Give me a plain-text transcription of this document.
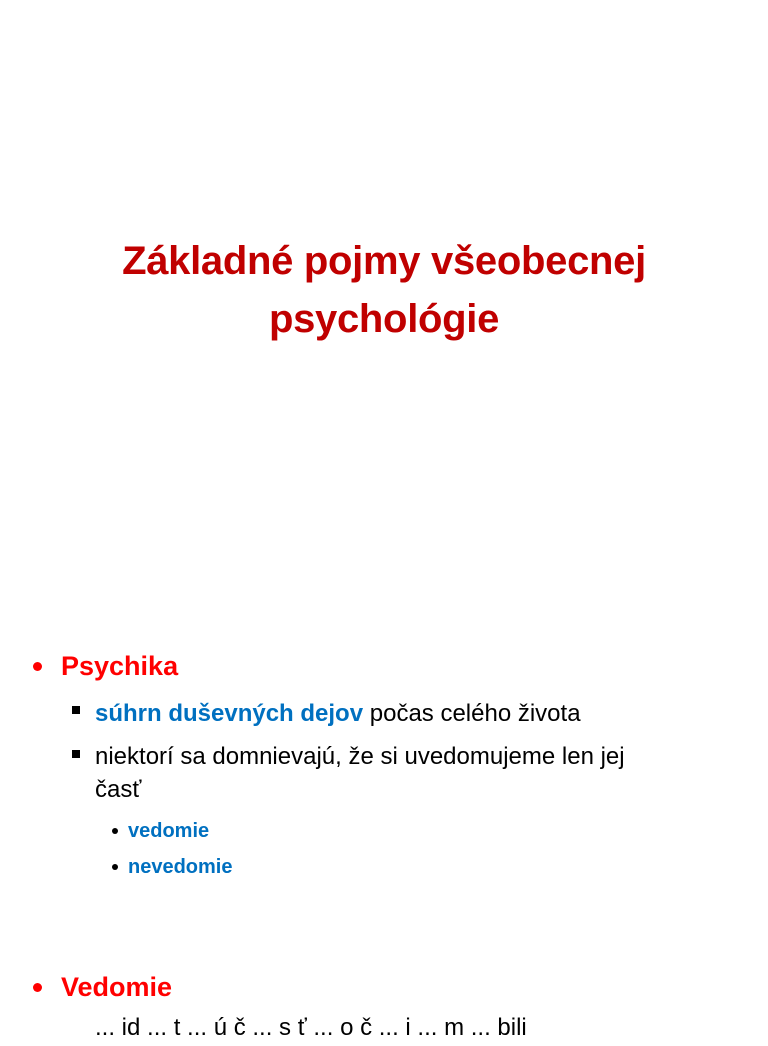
Základné pojmy všeobecnej
psychológie
Psychika
súhrn duševných dejov počas celého života
niektorí sa domnievajú, že si uvedomujeme len jej
časť
vedomie
nevedomie
Vedomie
... id ... t ... ú č ... s ť ... o č ... i ... m ... bili
